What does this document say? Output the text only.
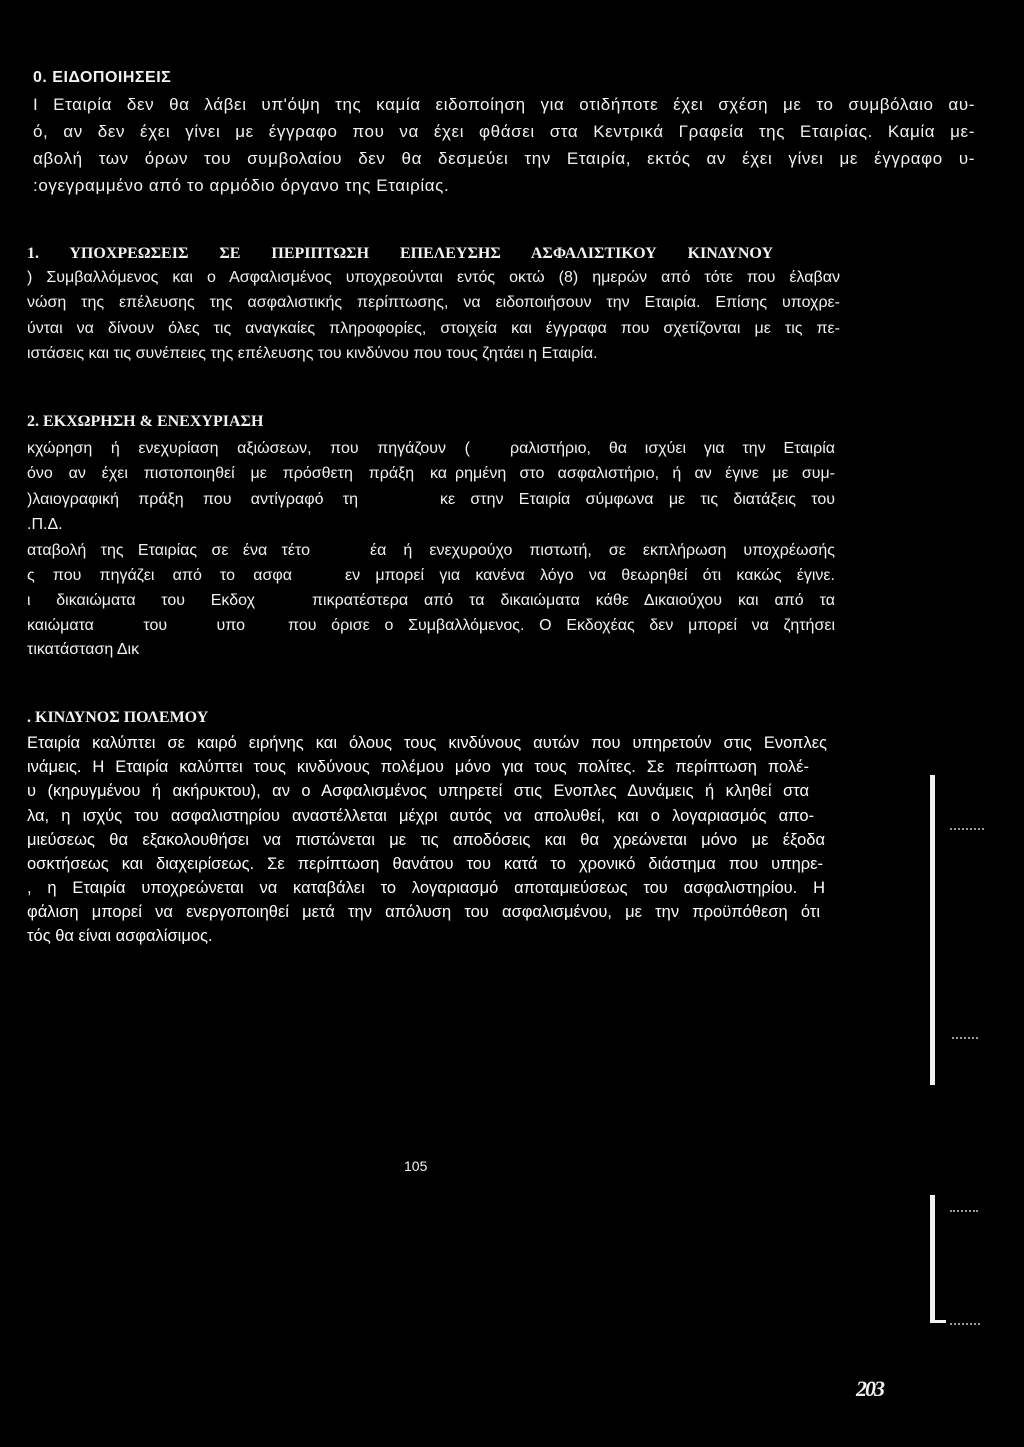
0. ΕΙΔΟΠΟΙΗΣΕΙΣ
Ι Εταιρία δεν θα λάβει υπ'όψη της καμία ειδοποίηση για οτιδήποτε έχει σχέση με το συμβόλαιο αυ-
ό, αν δεν έχει γίνει με έγγραφο που να έχει φθάσει στα Κεντρικά Γραφεία της Εταιρίας. Καμία με-
αβολή των όρων του συμβολαίου δεν θα δεσμεύει την Εταιρία, εκτός αν έχει γίνει με έγγραφο υ-
:ογεγραμμένο από το αρμόδιο όργανο της Εταιρίας.
1. ΥΠΟΧΡΕΩΣΕΙΣ ΣΕ ΠΕΡΙΠΤΩΣΗ ΕΠΕΛΕΥΣΗΣ ΑΣΦΑΛΙΣΤΙΚΟΥ ΚΙΝΔΥΝΟΥ
) Συμβαλλόμενος και ο Ασφαλισμένος υποχρεούνται εντός οκτώ (8) ημερών από τότε που έλαβαν
νώση της επέλευσης της ασφαλιστικής περίπτωσης, να ειδοποιήσουν την Εταιρία. Επίσης υποχρε-
ύνται να δίνουν όλες τις αναγκαίες πληροφορίες, στοιχεία και έγγραφα που σχετίζονται με τις πε-
ιστάσεις και τις συνέπειες της επέλευσης του κινδύνου που τους ζητάει η Εταιρία.
2. ΕΚΧΩΡΗΣΗ & ΕΝΕΧΥΡΙΑΣΗ
κχώρηση ή ενεχυρίαση αξιώσεων, που πηγάζουν (	ραλιστήριο, θα ισχύει για την Εταιρία
όνο αν έχει πιστοποιηθεί με πρόσθετη πράξη κα ρημένη στο ασφαλιστήριο, ή αν έγινε με συμ-
)λαιογραφική πράξη που αντίγραφό τη	κε στην Εταιρία σύμφωνα με τις διατάξεις του
.Π.Δ.
αταβολή της Εταιρίας σε ένα τέτο	έα ή ενεχυρούχο πιστωτή, σε εκπλήρωση υποχρέωσής
ς που πηγάζει από το ασφα	εν μπορεί για κανένα λόγο να θεωρηθεί ότι κακώς έγινε.
ι δικαιώματα του Εκδοχ	πικρατέστερα από τα δικαιώματα κάθε Δικαιούχου και από τα
καιώματα του υπο	που όρισε ο Συμβαλλόμενος. Ο Εκδοχέας δεν μπορεί να ζητήσει
τικατάσταση Δικ
. ΚΙΝΔΥΝΟΣ ΠΟΛΕΜΟΥ
Εταιρία καλύπτει σε καιρό ειρήνης και όλους τους κινδύνους αυτών που υπηρετούν στις Ενοπλες
ινάμεις. Η Εταιρία καλύπτει τους κινδύνους πολέμου μόνο για τους πολίτες. Σε περίπτωση πολέ-
υ (κηρυγμένου ή ακήρυκτου), αν ο Ασφαλισμένος υπηρετεί στις Ενοπλες Δυνάμεις ή κληθεί στα
λα, η ισχύς του ασφαλιστηρίου αναστέλλεται μέχρι αυτός να απολυθεί, και ο λογαριασμός απο-
μιεύσεως θα εξακολουθήσει να πιστώνεται με τις αποδόσεις και θα χρεώνεται μόνο με έξοδα
οσκτήσεως και διαχειρίσεως. Σε περίπτωση θανάτου του κατά το χρονικό διάστημα που υπηρε-
, η Εταιρία υποχρεώνεται να καταβάλει το λογαριασμό αποταμιεύσεως του ασφαλιστηρίου. Η
φάλιση μπορεί να ενεργοποιηθεί μετά την απόλυση του ασφαλισμένου, με την προϋπόθεση ότι
τός θα είναι ασφαλίσιμος.
105
203
